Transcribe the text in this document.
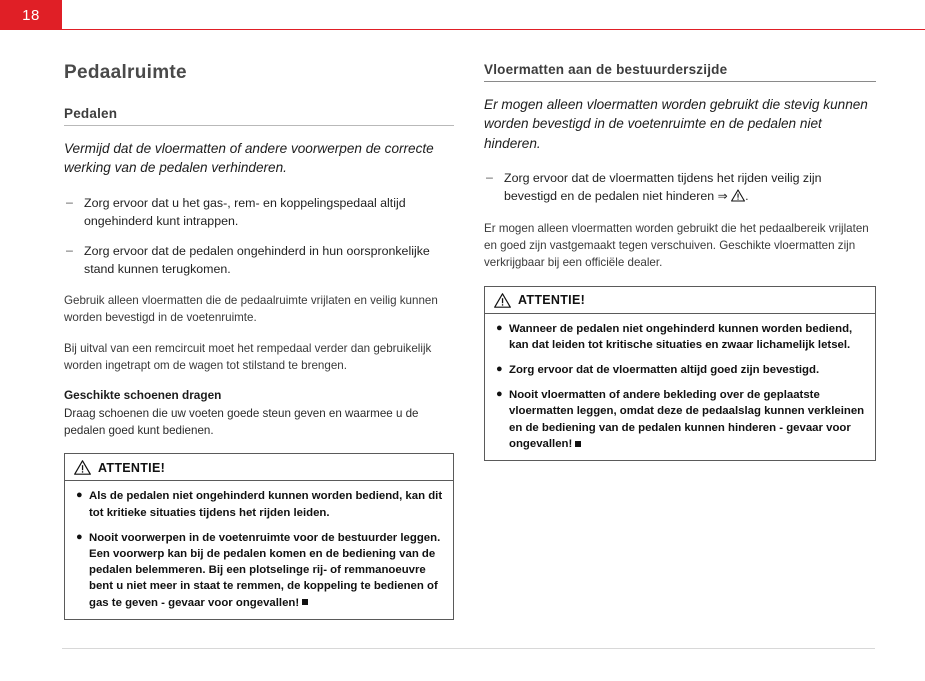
18
Pedaalruimte
Pedalen

Vermijd dat de vloermatten of andere voorwerpen de correcte werking van de pedalen verhinderen.

– Zorg ervoor dat u het gas-, rem- en koppelingspedaal altijd ongehinderd kunt intrappen.
– Zorg ervoor dat de pedalen ongehinderd in hun oorspronkelijke stand kunnen terugkomen.

Gebruik alleen vloermatten die de pedaalruimte vrijlaten en veilig kunnen worden bevestigd in de voetenruimte.

Bij uitval van een remcircuit moet het rempedaal verder dan gebruikelijk worden ingetrapt om de wagen tot stilstand te brengen.

Geschikte schoenen dragen

Draag schoenen die uw voeten goede steun geven en waarmee u de pedalen goed kunt bedienen.

ATTENTIE!
● Als de pedalen niet ongehinderd kunnen worden bediend, kan dit tot kritieke situaties tijdens het rijden leiden.
● Nooit voorwerpen in de voetenruimte voor de bestuurder leggen. Een voorwerp kan bij de pedalen komen en de bediening van de pedalen belemmeren. Bij een plotselinge rij- of remmanoeuvre bent u niet meer in staat te remmen, de koppeling te bedienen of gas te geven - gevaar voor ongevallen!
Vloermatten aan de bestuurderszijde

Er mogen alleen vloermatten worden gebruikt die stevig kunnen worden bevestigd in de voetenruimte en de pedalen niet hinderen.

– Zorg ervoor dat de vloermatten tijdens het rijden veilig zijn bevestigd en de pedalen niet hinderen ⇒ .

Er mogen alleen vloermatten worden gebruikt die het pedaalbereik vrijlaten en goed zijn vastgemaakt tegen verschuiven. Geschikte vloermatten zijn verkrijgbaar bij een officiële dealer.

ATTENTIE!
● Wanneer de pedalen niet ongehinderd kunnen worden bediend, kan dat leiden tot kritische situaties en zwaar lichamelijk letsel.
● Zorg ervoor dat de vloermatten altijd goed zijn bevestigd.
● Nooit vloermatten of andere bekleding over de geplaatste vloermatten leggen, omdat deze de pedaalslag kunnen verkleinen en de bediening van de pedalen kunnen hinderen - gevaar voor ongevallen!
